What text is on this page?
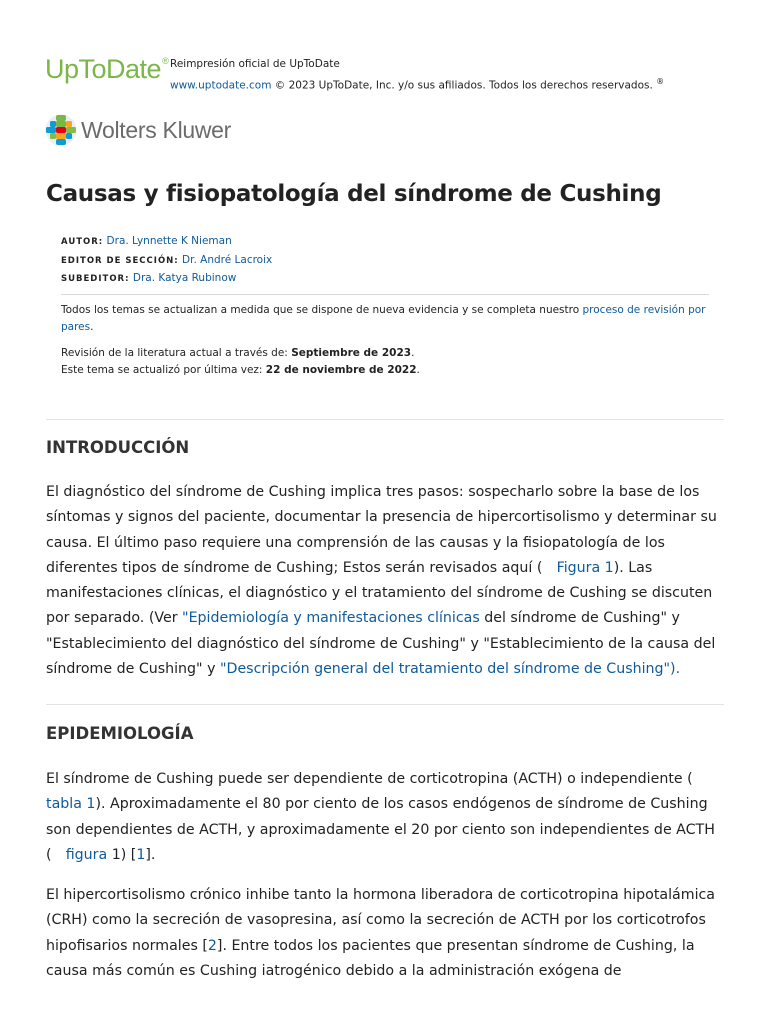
UpToDate® Reimpresión oficial de UpToDate
www.uptodate.com © 2023 UpToDate, Inc. y/o sus afiliados. Todos los derechos reservados. ®
Wolters Kluwer
Causas y fisiopatología del síndrome de Cushing
AUTOR: Dra. Lynnette K Nieman
EDITOR DE SECCIÓN: Dr. André Lacroix
SUBEDITOR: Dra. Katya Rubinow
Todos los temas se actualizan a medida que se dispone de nueva evidencia y se completa nuestro proceso de revisión por pares.
Revisión de la literatura actual a través de: Septiembre de 2023.
Este tema se actualizó por última vez: 22 de noviembre de 2022.
INTRODUCCIÓN

El diagnóstico del síndrome de Cushing implica tres pasos: sospecharlo sobre la base de los síntomas y signos del paciente, documentar la presencia de hipercortisolismo y determinar su causa. El último paso requiere una comprensión de las causas y la fisiopatología de los diferentes tipos de síndrome de Cushing; Estos serán revisados aquí (  Figura 1). Las manifestaciones clínicas, el diagnóstico y el tratamiento del síndrome de Cushing se discuten por separado. (Ver "Epidemiología y manifestaciones clínicas del síndrome de Cushing" y "Establecimiento del diagnóstico del síndrome de Cushing" y "Establecimiento de la causa del síndrome de Cushing" y "Descripción general del tratamiento del síndrome de Cushing").

EPIDEMIOLOGÍA

El síndrome de Cushing puede ser dependiente de corticotropina (ACTH) o independiente ( tabla 1). Aproximadamente el 80 por ciento de los casos endógenos de síndrome de Cushing son dependientes de ACTH, y aproximadamente el 20 por ciento son independientes de ACTH (  figura 1) [1].

El hipercortisolismo crónico inhibe tanto la hormona liberadora de corticotropina hipotalámica (CRH) como la secreción de vasopresina, así como la secreción de ACTH por los corticotrofos hipofisarios normales [2]. Entre todos los pacientes que presentan síndrome de Cushing, la causa más común es Cushing iatrogénico debido a la administración exógena de
